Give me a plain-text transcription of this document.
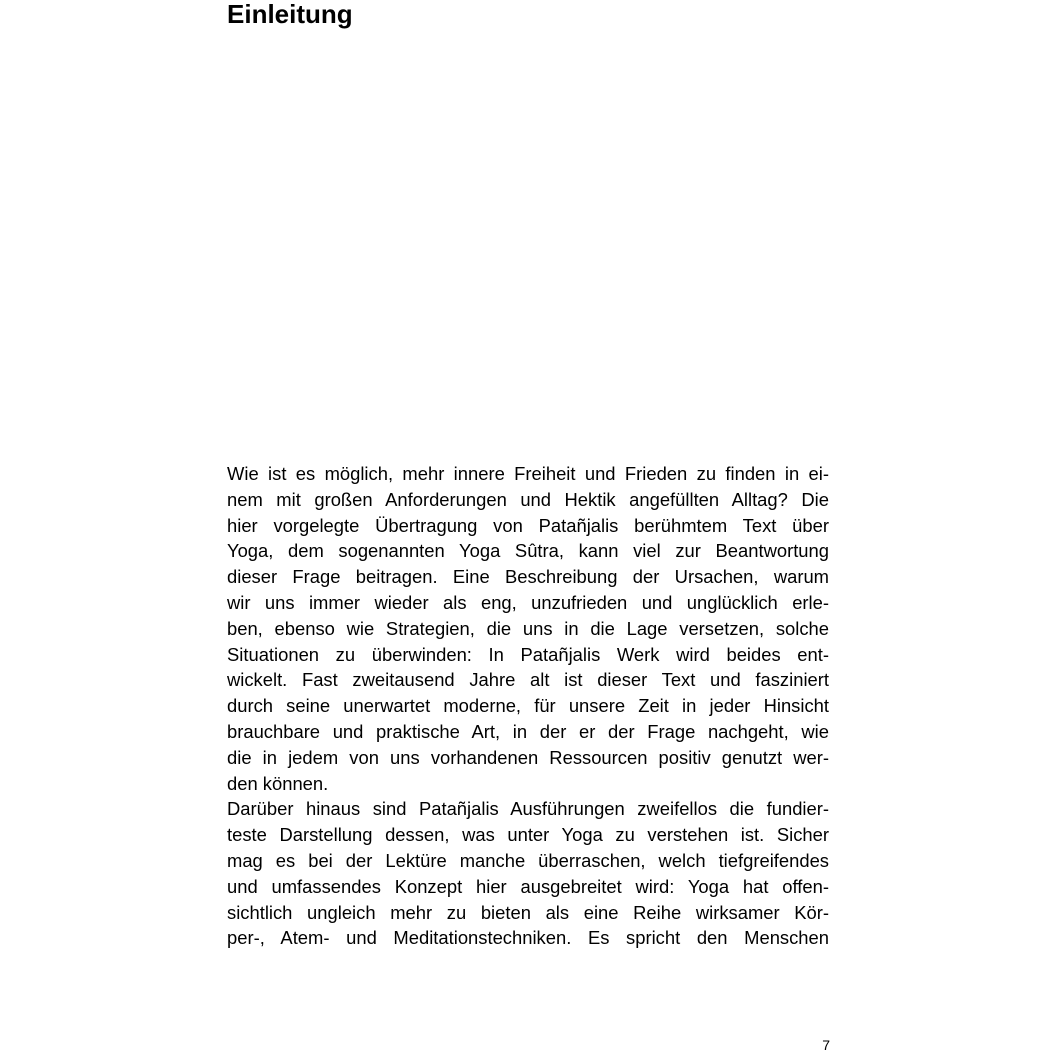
Einleitung
Wie ist es möglich, mehr innere Freiheit und Frieden zu finden in ei-
nem mit großen Anforderungen und Hektik angefüllten Alltag? Die
hier vorgelegte Übertragung von Patañjalis berühmtem Text über
Yoga, dem sogenannten Yoga Sûtra, kann viel zur Beantwortung
dieser Frage beitragen. Eine Beschreibung der Ursachen, warum
wir uns immer wieder als eng, unzufrieden und unglücklich erle-
ben, ebenso wie Strategien, die uns in die Lage versetzen, solche
Situationen zu überwinden: In Patañjalis Werk wird beides ent-
wickelt. Fast zweitausend Jahre alt ist dieser Text und fasziniert
durch seine unerwartet moderne, für unsere Zeit in jeder Hinsicht
brauchbare und praktische Art, in der er der Frage nachgeht, wie
die in jedem von uns vorhandenen Ressourcen positiv genutzt wer-
den können.
Darüber hinaus sind Patañjalis Ausführungen zweifellos die fundier-
teste Darstellung dessen, was unter Yoga zu verstehen ist. Sicher
mag es bei der Lektüre manche überraschen, welch tiefgreifendes
und umfassendes Konzept hier ausgebreitet wird: Yoga hat offen-
sichtlich ungleich mehr zu bieten als eine Reihe wirksamer Kör-
per-, Atem- und Meditationstechniken. Es spricht den Menschen
7
